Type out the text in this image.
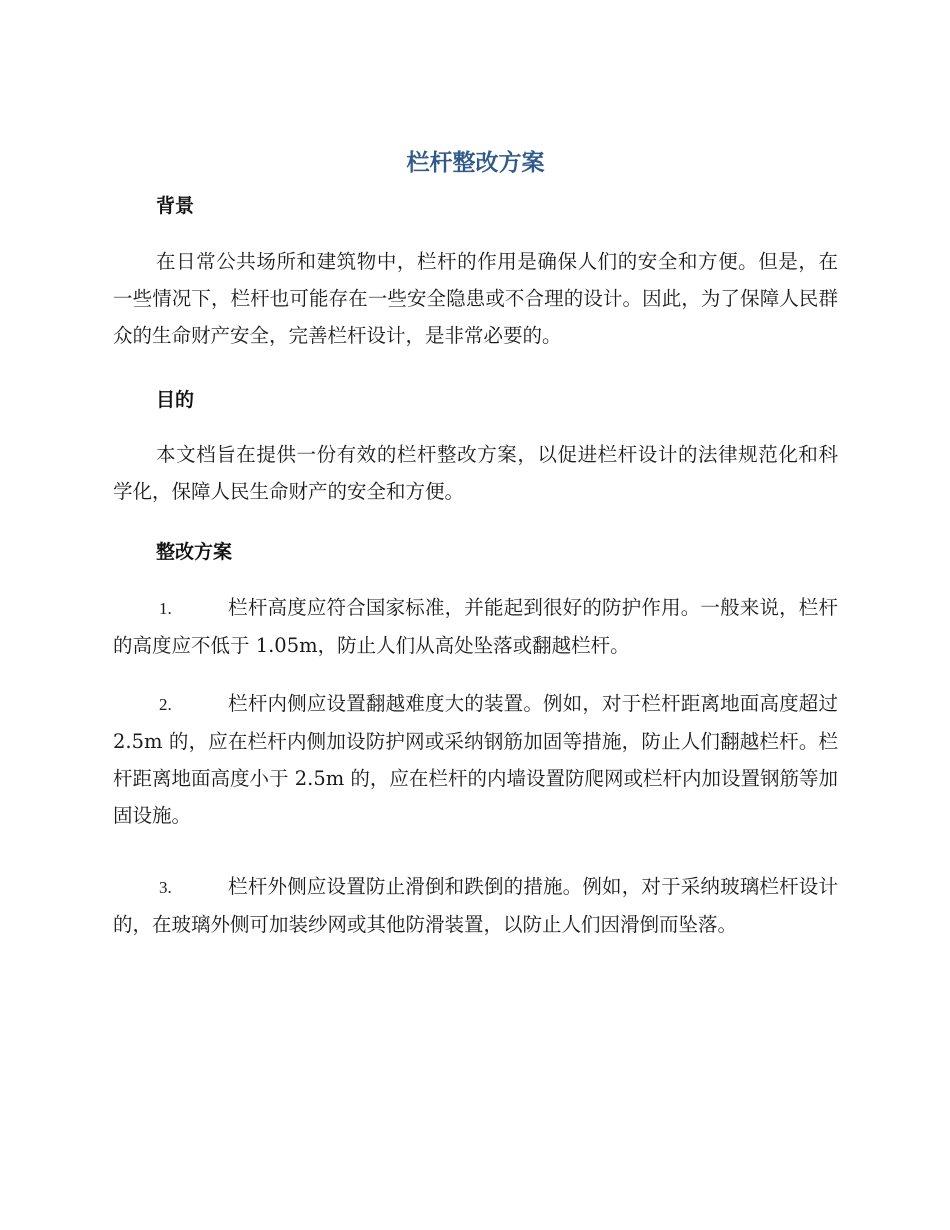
栏杆整改方案
背景
在日常公共场所和建筑物中，栏杆的作用是确保人们的安全和方便。但是，在一些情况下，栏杆也可能存在一些安全隐患或不合理的设计。因此，为了保障人民群众的生命财产安全，完善栏杆设计，是非常必要的。
目的
本文档旨在提供一份有效的栏杆整改方案，以促进栏杆设计的法律规范化和科学化，保障人民生命财产的安全和方便。
整改方案
1.	栏杆高度应符合国家标准，并能起到很好的防护作用。一般来说，栏杆的高度应不低于 1.05m，防止人们从高处坠落或翻越栏杆。
2.	栏杆内侧应设置翻越难度大的装置。例如，对于栏杆距离地面高度超过 2.5m 的，应在栏杆内侧加设防护网或采纳钢筋加固等措施，防止人们翻越栏杆。栏杆距离地面高度小于 2.5m 的，应在栏杆的内墙设置防爬网或栏杆内加设置钢筋等加固设施。
3.	栏杆外侧应设置防止滑倒和跌倒的措施。例如，对于采纳玻璃栏杆设计的，在玻璃外侧可加装纱网或其他防滑装置，以防止人们因滑倒而坠落。
